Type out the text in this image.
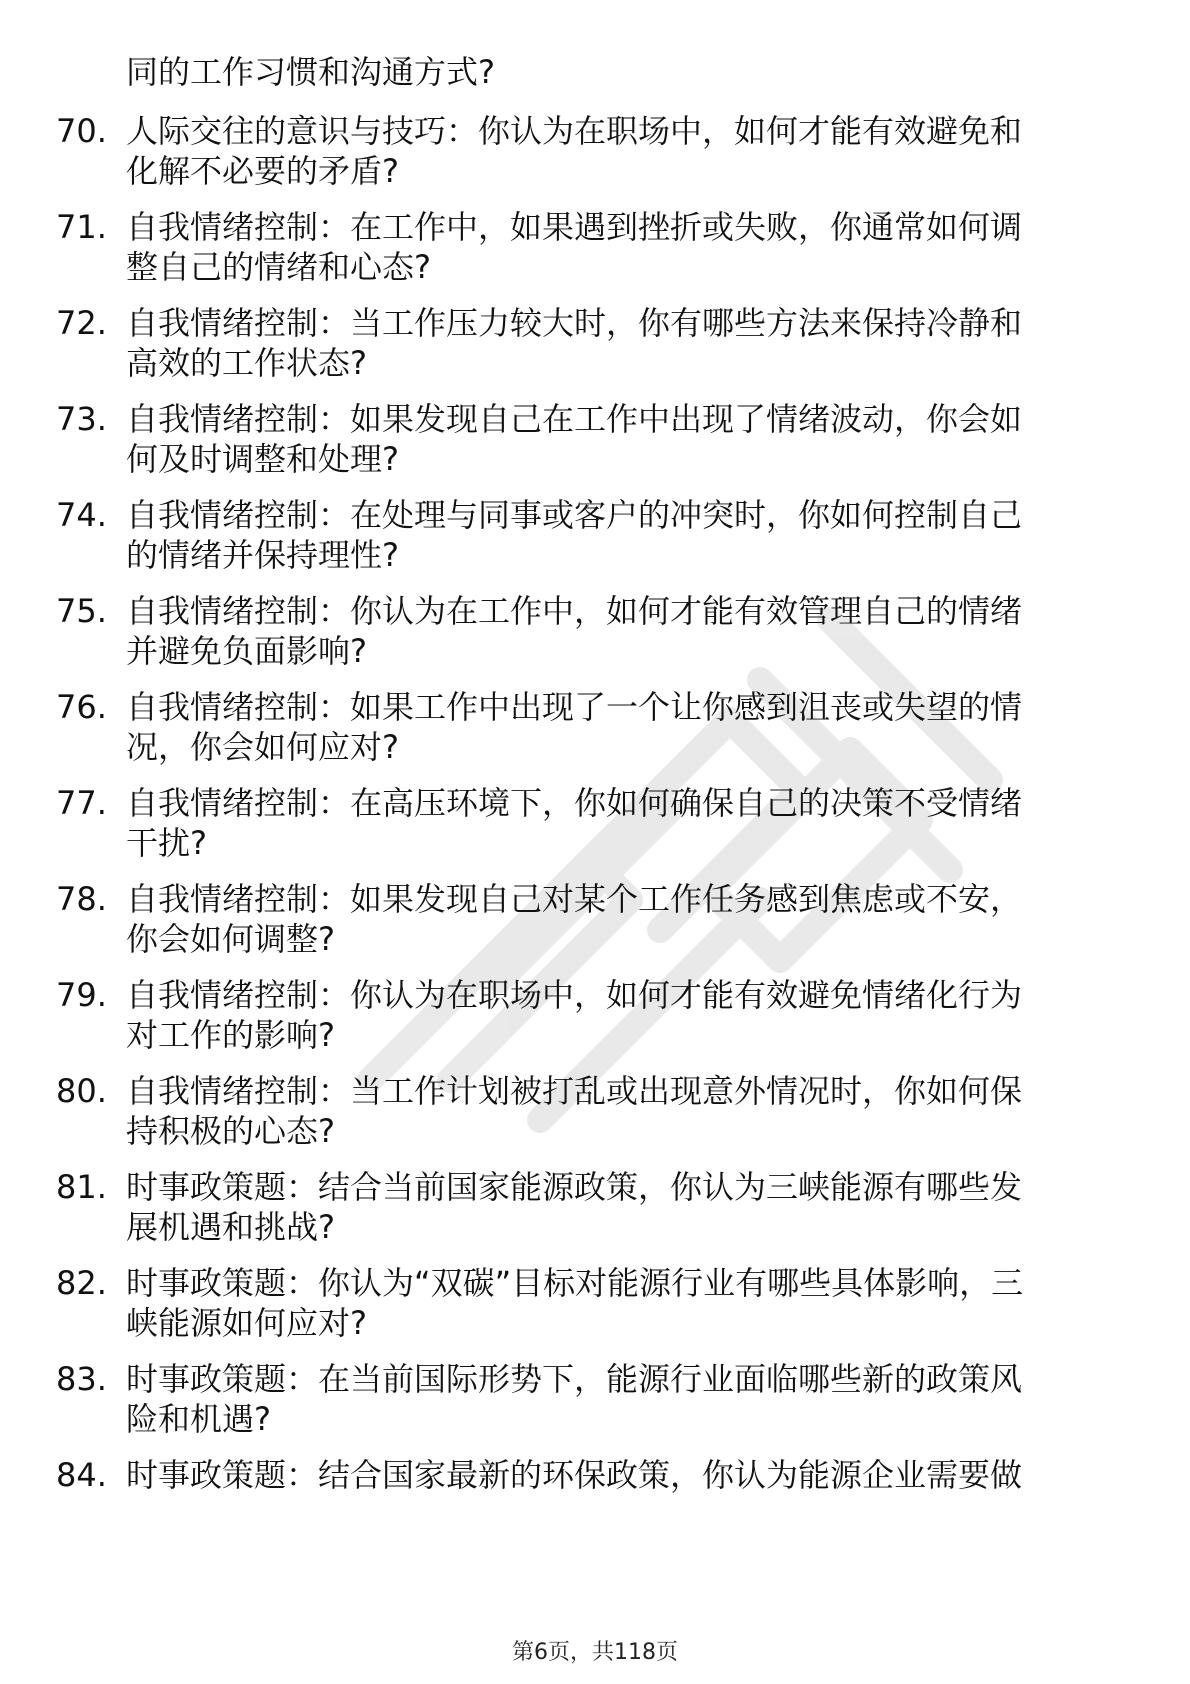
同的工作习惯和沟通方式?
70. 人际交往的意识与技巧：你认为在职场中，如何才能有效避免和
化解不必要的矛盾?
71. 自我情绪控制：在工作中，如果遇到挫折或失败，你通常如何调
整自己的情绪和心态?
72. 自我情绪控制：当工作压力较大时，你有哪些方法来保持冷静和
高效的工作状态?
73. 自我情绪控制：如果发现自己在工作中出现了情绪波动，你会如
何及时调整和处理?
74. 自我情绪控制：在处理与同事或客户的冲突时，你如何控制自己
的情绪并保持理性?
75. 自我情绪控制：你认为在工作中，如何才能有效管理自己的情绪
并避免负面影响?
76. 自我情绪控制：如果工作中出现了一个让你感到沮丧或失望的情
况，你会如何应对?
77. 自我情绪控制：在高压环境下，你如何确保自己的决策不受情绪
干扰?
78. 自我情绪控制：如果发现自己对某个工作任务感到焦虑或不安，
你会如何调整?
79. 自我情绪控制：你认为在职场中，如何才能有效避免情绪化行为
对工作的影响?
80. 自我情绪控制：当工作计划被打乱或出现意外情况时，你如何保
持积极的心态?
81. 时事政策题：结合当前国家能源政策，你认为三峡能源有哪些发
展机遇和挑战?
82. 时事政策题：你认为“双碳”目标对能源行业有哪些具体影响，三
峡能源如何应对?
83. 时事政策题：在当前国际形势下，能源行业面临哪些新的政策风
险和机遇?
84. 时事政策题：结合国家最新的环保政策，你认为能源企业需要做
第6页，共118页
